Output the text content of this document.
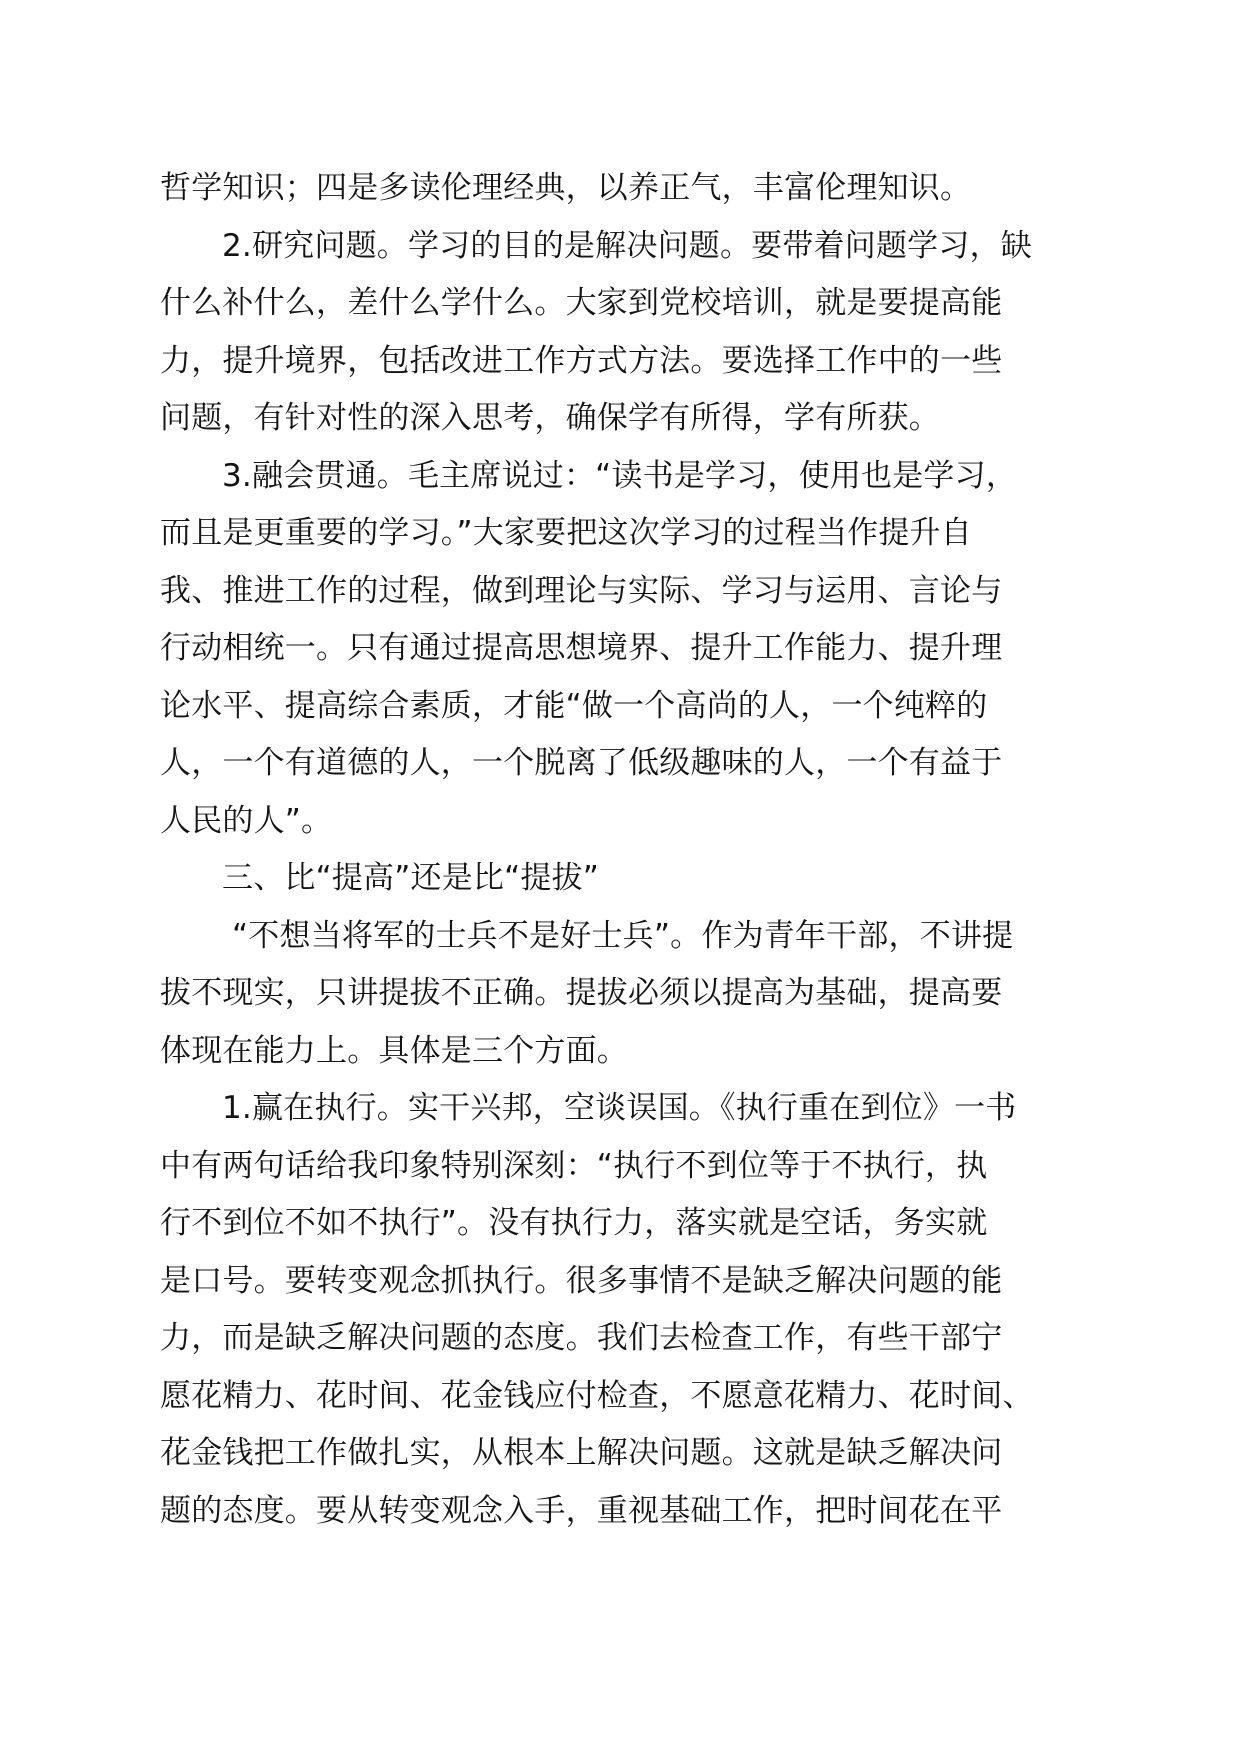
哲学知识；四是多读伦理经典，以养正气，丰富伦理知识。
2.研究问题。学习的目的是解决问题。要带着问题学习，缺
什么补什么，差什么学什么。大家到党校培训，就是要提高能
力，提升境界，包括改进工作方式方法。要选择工作中的一些
问题，有针对性的深入思考，确保学有所得，学有所获。
3.融会贯通。毛主席说过：“读书是学习，使用也是学习，
而且是更重要的学习。”大家要把这次学习的过程当作提升自
我、推进工作的过程，做到理论与实际、学习与运用、言论与
行动相统一。只有通过提高思想境界、提升工作能力、提升理
论水平、提高综合素质，才能“做一个高尚的人，一个纯粹的
人，一个有道德的人，一个脱离了低级趣味的人，一个有益于
人民的人”。
三、比“提高”还是比“提拔”
“不想当将军的士兵不是好士兵”。作为青年干部，不讲提
拔不现实，只讲提拔不正确。提拔必须以提高为基础，提高要
体现在能力上。具体是三个方面。
1.赢在执行。实干兴邦，空谈误国。《执行重在到位》一书
中有两句话给我印象特别深刻：“执行不到位等于不执行，执
行不到位不如不执行”。没有执行力，落实就是空话，务实就
是口号。要转变观念抓执行。很多事情不是缺乏解决问题的能
力，而是缺乏解决问题的态度。我们去检查工作，有些干部宁
愿花精力、花时间、花金钱应付检查，不愿意花精力、花时间、
花金钱把工作做扎实，从根本上解决问题。这就是缺乏解决问
题的态度。要从转变观念入手，重视基础工作，把时间花在平
